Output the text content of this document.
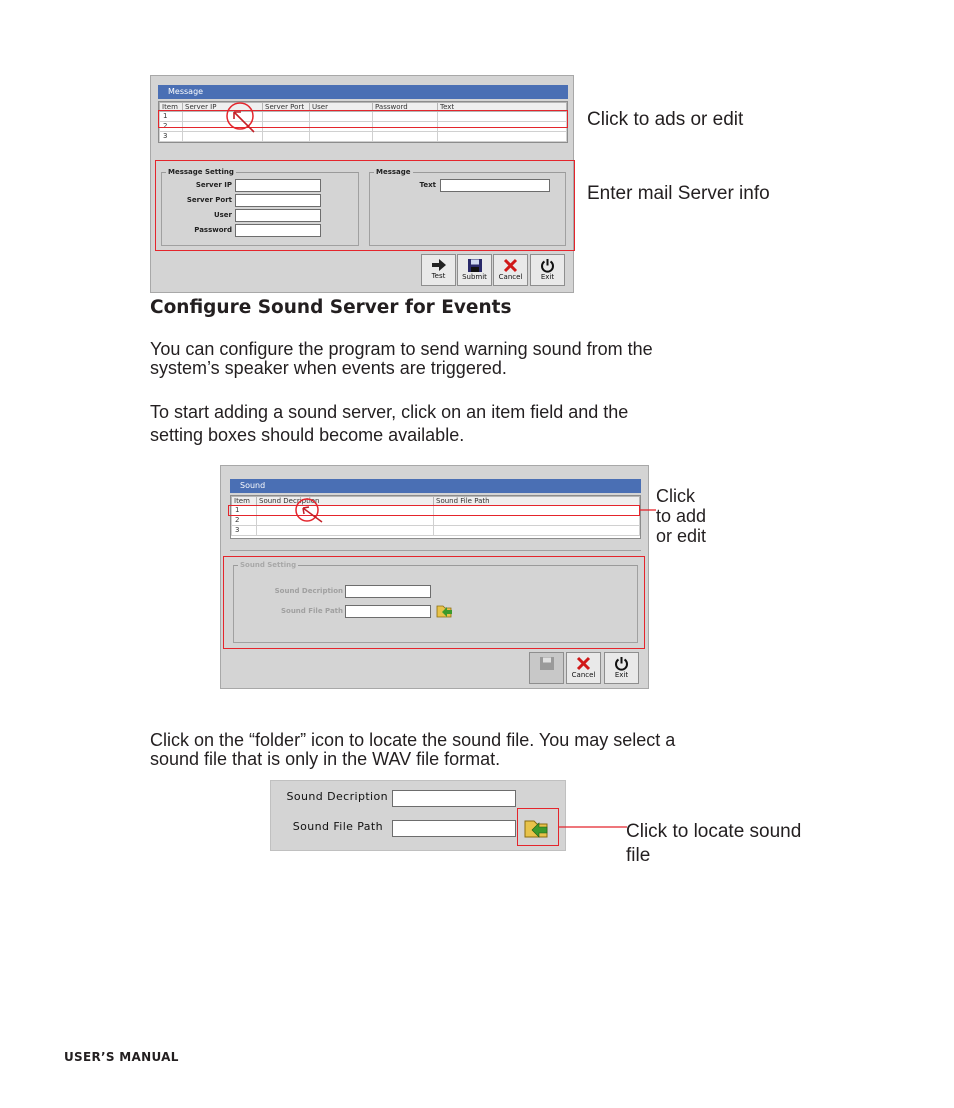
Message
Item	Server IP	Server Port	User	Password	Text
1					
2					
3					
Message Setting
Server IP
Server Port
User
Password
Message
Text
Test	Submit	Cancel	Exit
Click to ads or edit
Enter mail Server info
Configure Sound Server for Events
You can configure the program to send warning sound from the
system’s speaker when events are triggered.
To start adding a sound server, click on an item field and the
setting boxes should become available.
Sound
Item	Sound Decription	Sound File Path
1		
2		
3		
Sound Setting
Sound Decription
Sound File Path
Cancel	Exit
Click
to add
or edit
Click on the “folder” icon to locate the sound file. You may select a
sound file that is only in the WAV file format.
Sound Decription
Sound File Path	Click to locate sound
file
USER’S MANUAL
